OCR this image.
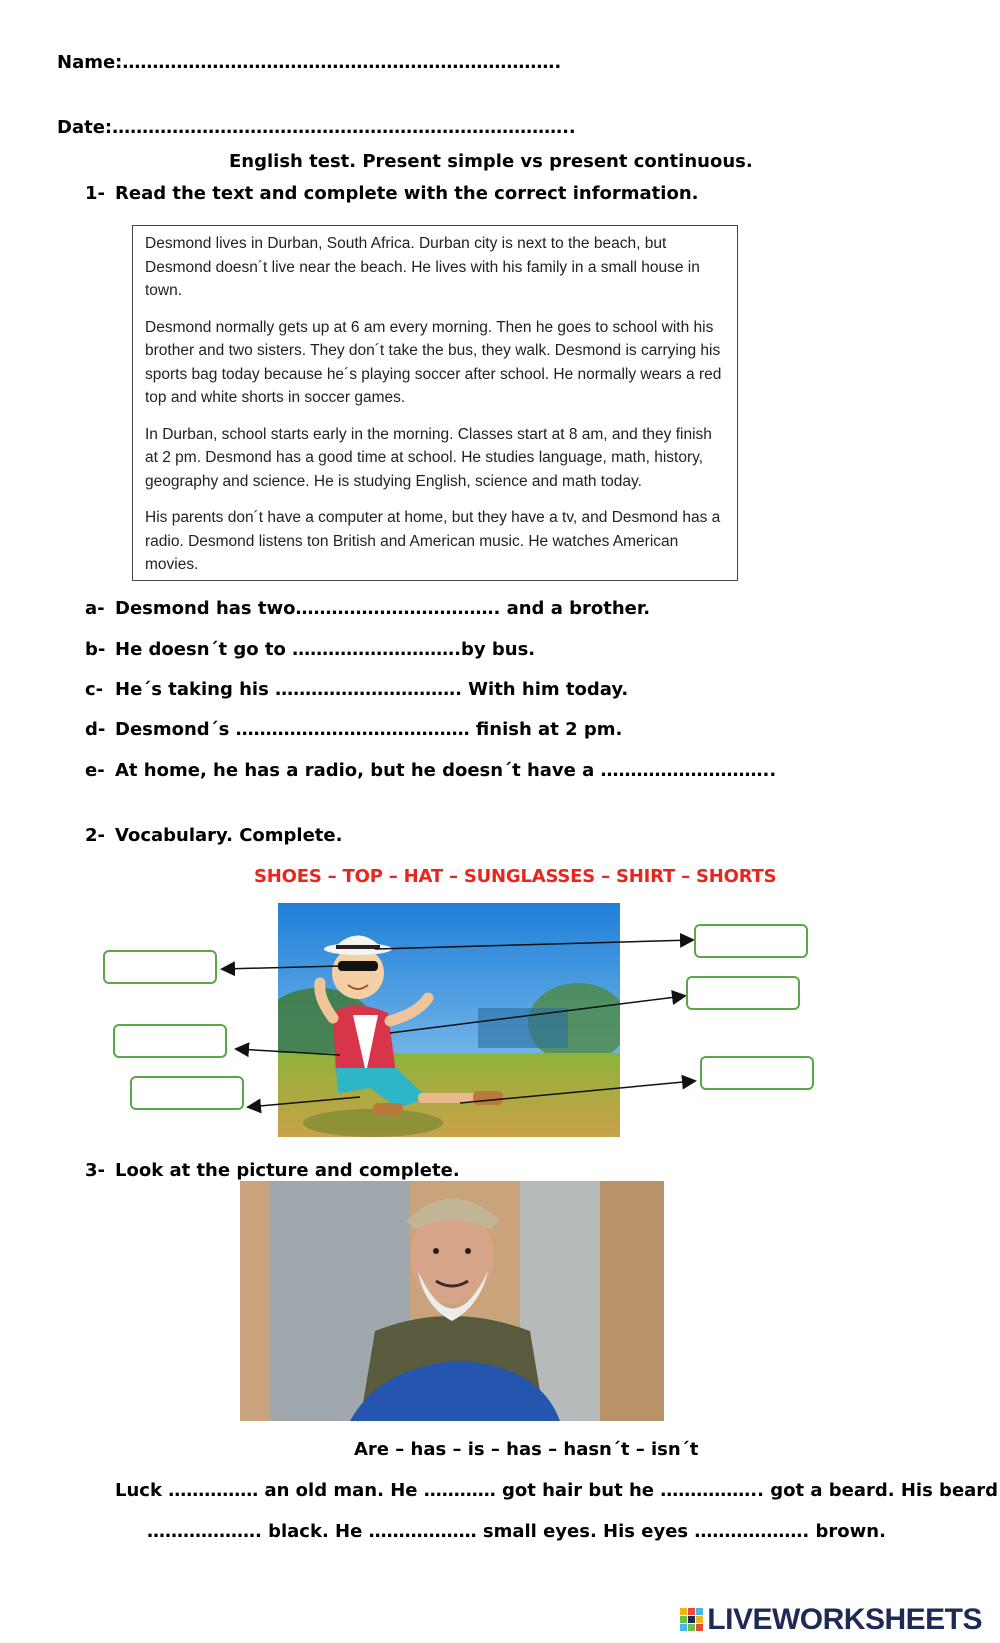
Name:……………………………………………………………….
Date:…………………………………………………………………..
English test. Present simple vs present continuous.
1- Read the text and complete with the correct information.

Desmond lives in Durban, South Africa. Durban city is next to the beach, but Desmond doesn´t live near the beach. He lives with his family in a small house in town.

Desmond normally gets up at 6 am every morning. Then he goes to school with his brother and two sisters. They don´t take the bus, they walk. Desmond is carrying his sports bag today because he´s playing soccer after school. He normally wears a red top and white shorts in soccer games.

In Durban, school starts early in the morning. Classes start at 8 am, and they finish at 2 pm. Desmond has a good time at school. He studies language, math, history, geography and science. He is studying English, science and math today.

His parents don´t have a computer at home, but they have a tv, and Desmond has a radio. Desmond listens ton British and American music. He watches American movies.

a- Desmond has two……………………………. and a brother.
b- He doesn´t go to ……………………….by bus.
c- He´s taking his …………………………. With him today.
d- Desmond´s ………………………………… finish at 2 pm.
e- At home, he has a radio, but he doesn´t have a ………………………..
2- Vocabulary. Complete.
SHOES – TOP – HAT – SUNGLASSES – SHIRT – SHORTS
3- Look at the picture and complete.
Are – has – is – has – hasn´t – isn´t
Luck …………… an old man. He ………… got hair but he …………….. got a beard. His beard
………………. black. He ……………… small eyes. His eyes ………………. brown.
LIVEWORKSHEETS
